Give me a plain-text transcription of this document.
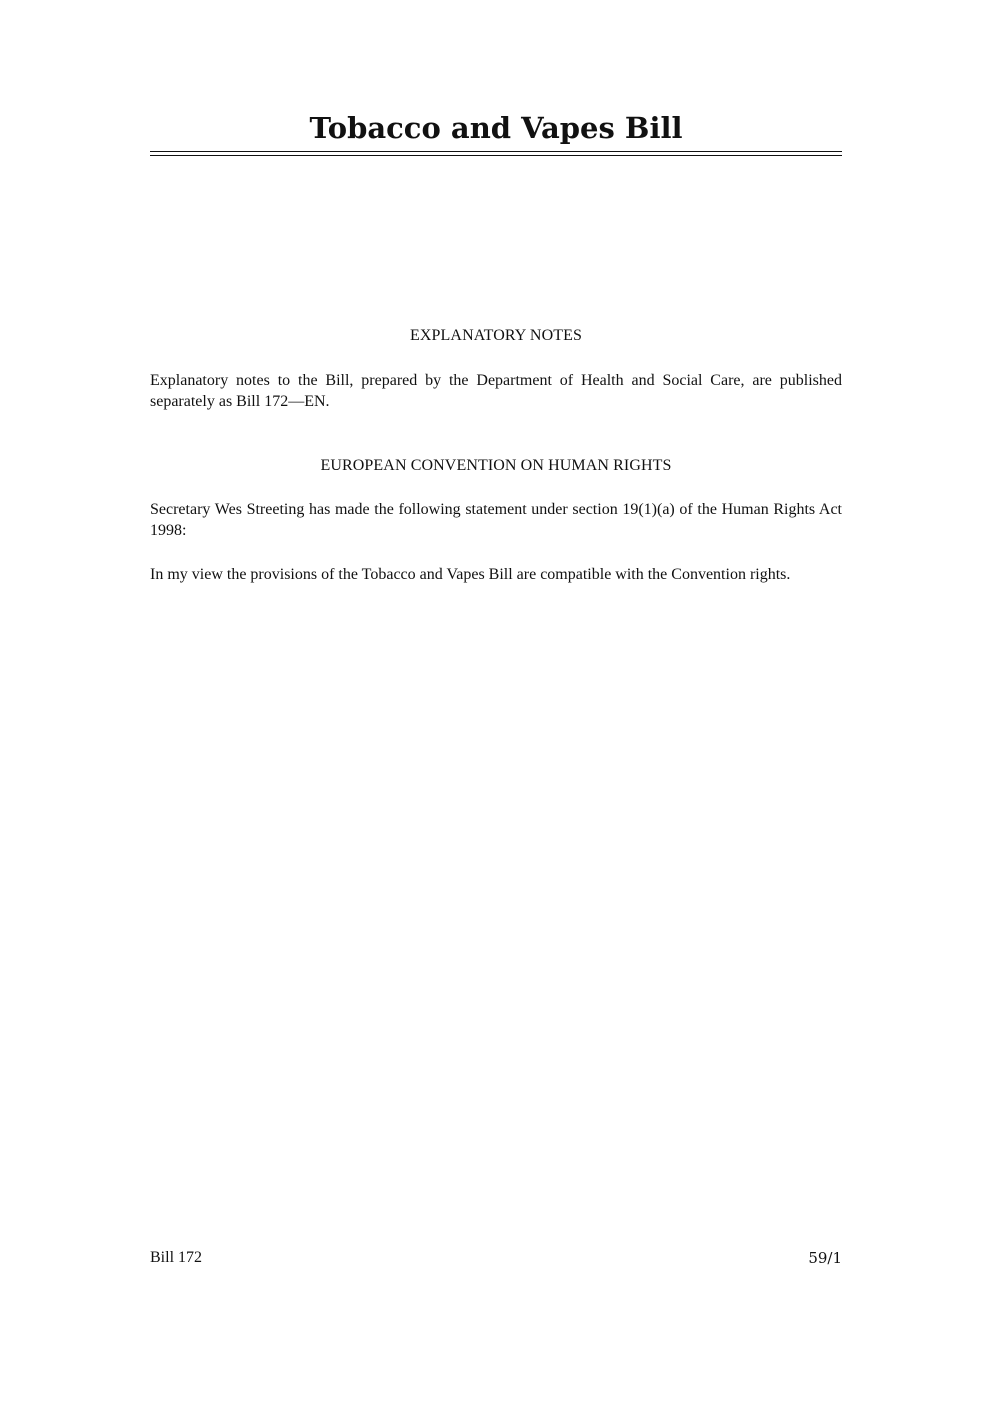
Tobacco and Vapes Bill
EXPLANATORY NOTES

Explanatory notes to the Bill, prepared by the Department of Health and Social Care, are published separately as Bill 172—EN.

EUROPEAN CONVENTION ON HUMAN RIGHTS

Secretary Wes Streeting has made the following statement under section 19(1)(a) of the Human Rights Act 1998:

In my view the provisions of the Tobacco and Vapes Bill are compatible with the Convention rights.

Bill 172	59/1
